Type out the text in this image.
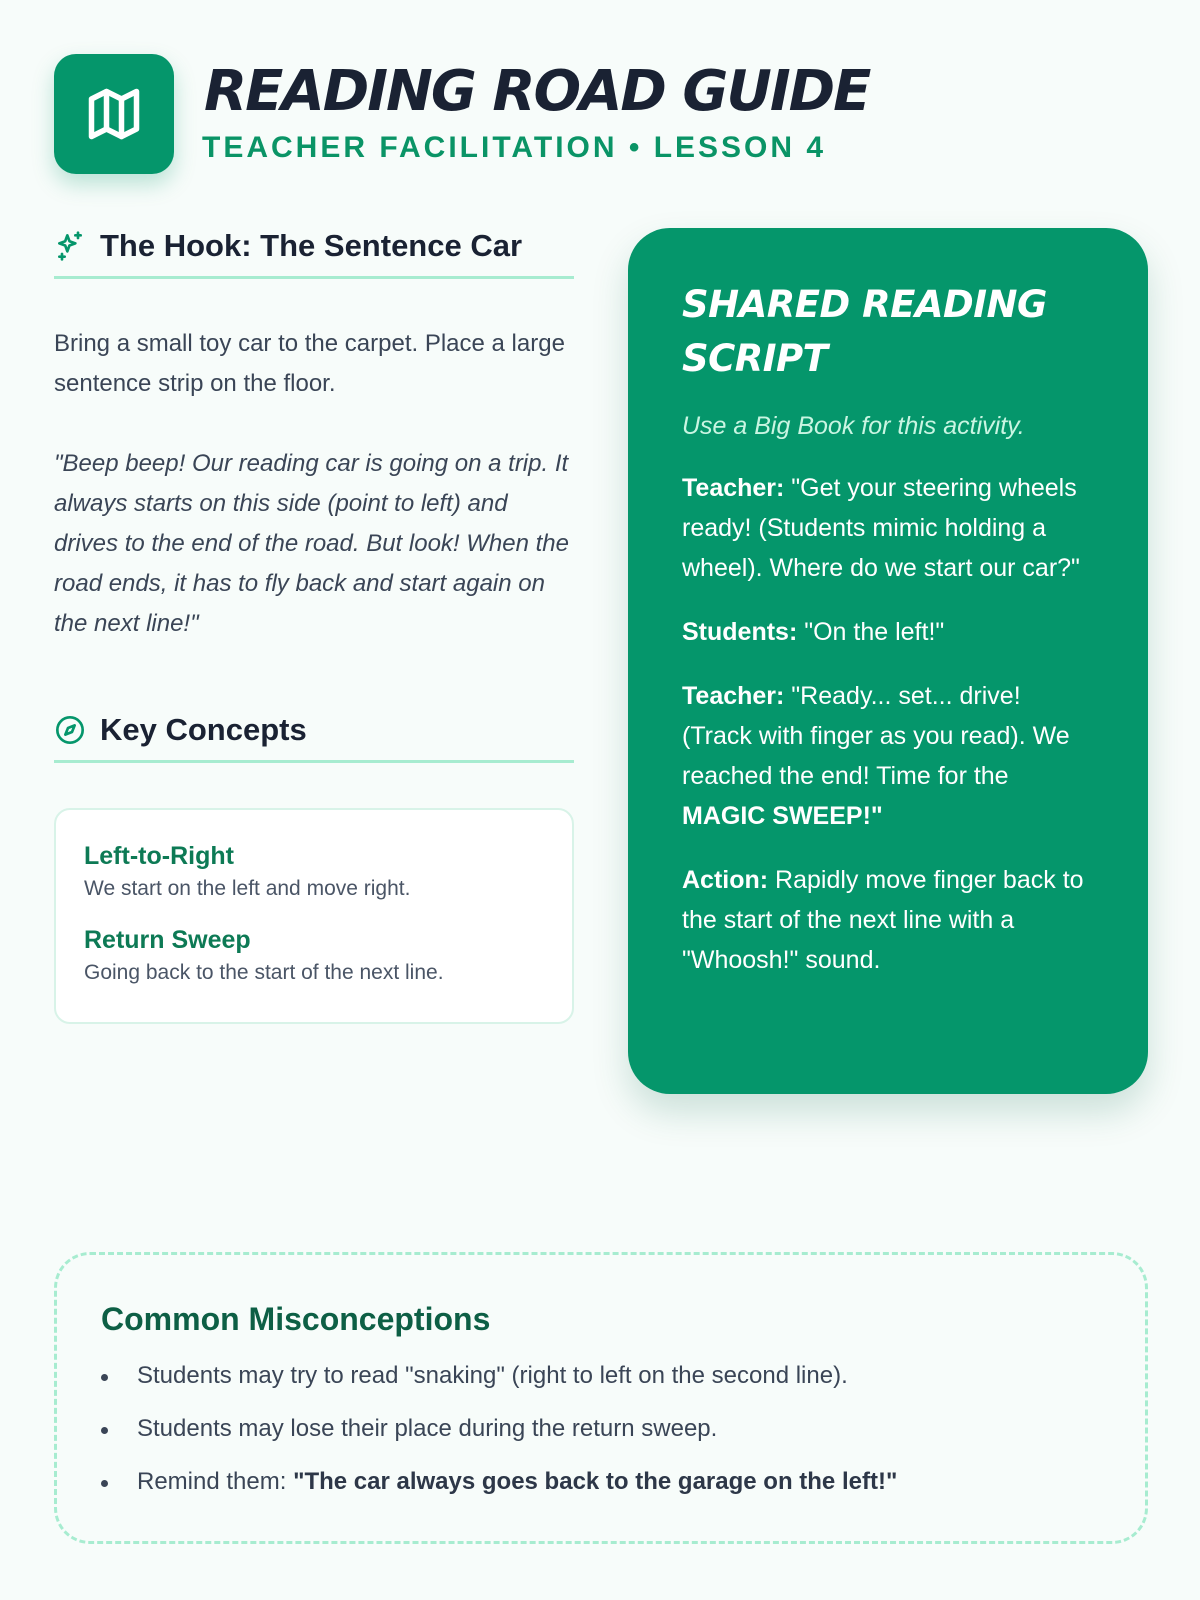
READING ROAD GUIDE
TEACHER FACILITATION • LESSON 4
The Hook: The Sentence Car

Bring a small toy car to the carpet. Place a large sentence strip on the floor.

"Beep beep! Our reading car is going on a trip. It always starts on this side (point to left) and drives to the end of the road. But look! When the road ends, it has to fly back and start again on the next line!"

Key Concepts
Left-to-Right
We start on the left and move right.
Return Sweep
Going back to the start of the next line.
SHARED READING
SCRIPT
Use a Big Book for this activity.
Teacher: "Get your steering wheels ready! (Students mimic holding a wheel). Where do we start our car?"
Students: "On the left!"
Teacher: "Ready... set... drive! (Track with finger as you read). We reached the end! Time for the MAGIC SWEEP!"
Action: Rapidly move finger back to the start of the next line with a "Whoosh!" sound.
Common Misconceptions
Students may try to read "snaking" (right to left on the second line).
Students may lose their place during the return sweep.
Remind them: "The car always goes back to the garage on the left!"
